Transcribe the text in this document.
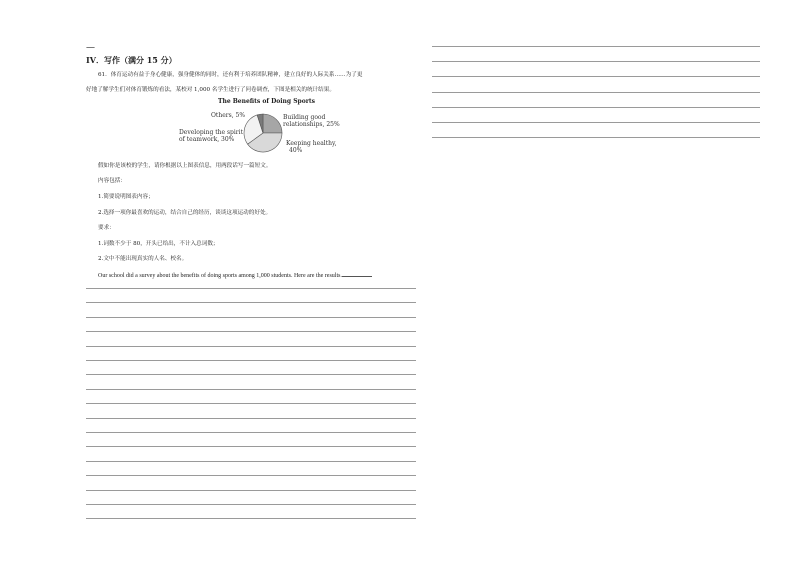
—
IV．写作（满分 15 分）
61．体育运动有益于身心健康，强身健体的同时，还有利于培养团队精神，建立良好的人际关系……为了更
好地了解学生们对体育锻炼的看法，某校对 1,000 名学生进行了问卷调查，下图是相关的统计结果。
The Benefits of Doing Sports
Others, 5%	Building good
relationships, 25%
Developing the spirit
of teamwork, 30%
Keeping healthy,
40%
假如你是该校的学生，请你根据以上图表信息，用两段话写一篇短文。
内容包括：
1.简要说明图表内容；
2.选择一项你最喜欢的运动，结合自己的经历，谈谈这项运动的好处。
要求：
1.词数不少于 80，开头已给出，不计入总词数；
2.文中不能出现真实的人名、校名。
Our school did a survey about the benefits of doing sports among 1,000 students. Here are the results.
